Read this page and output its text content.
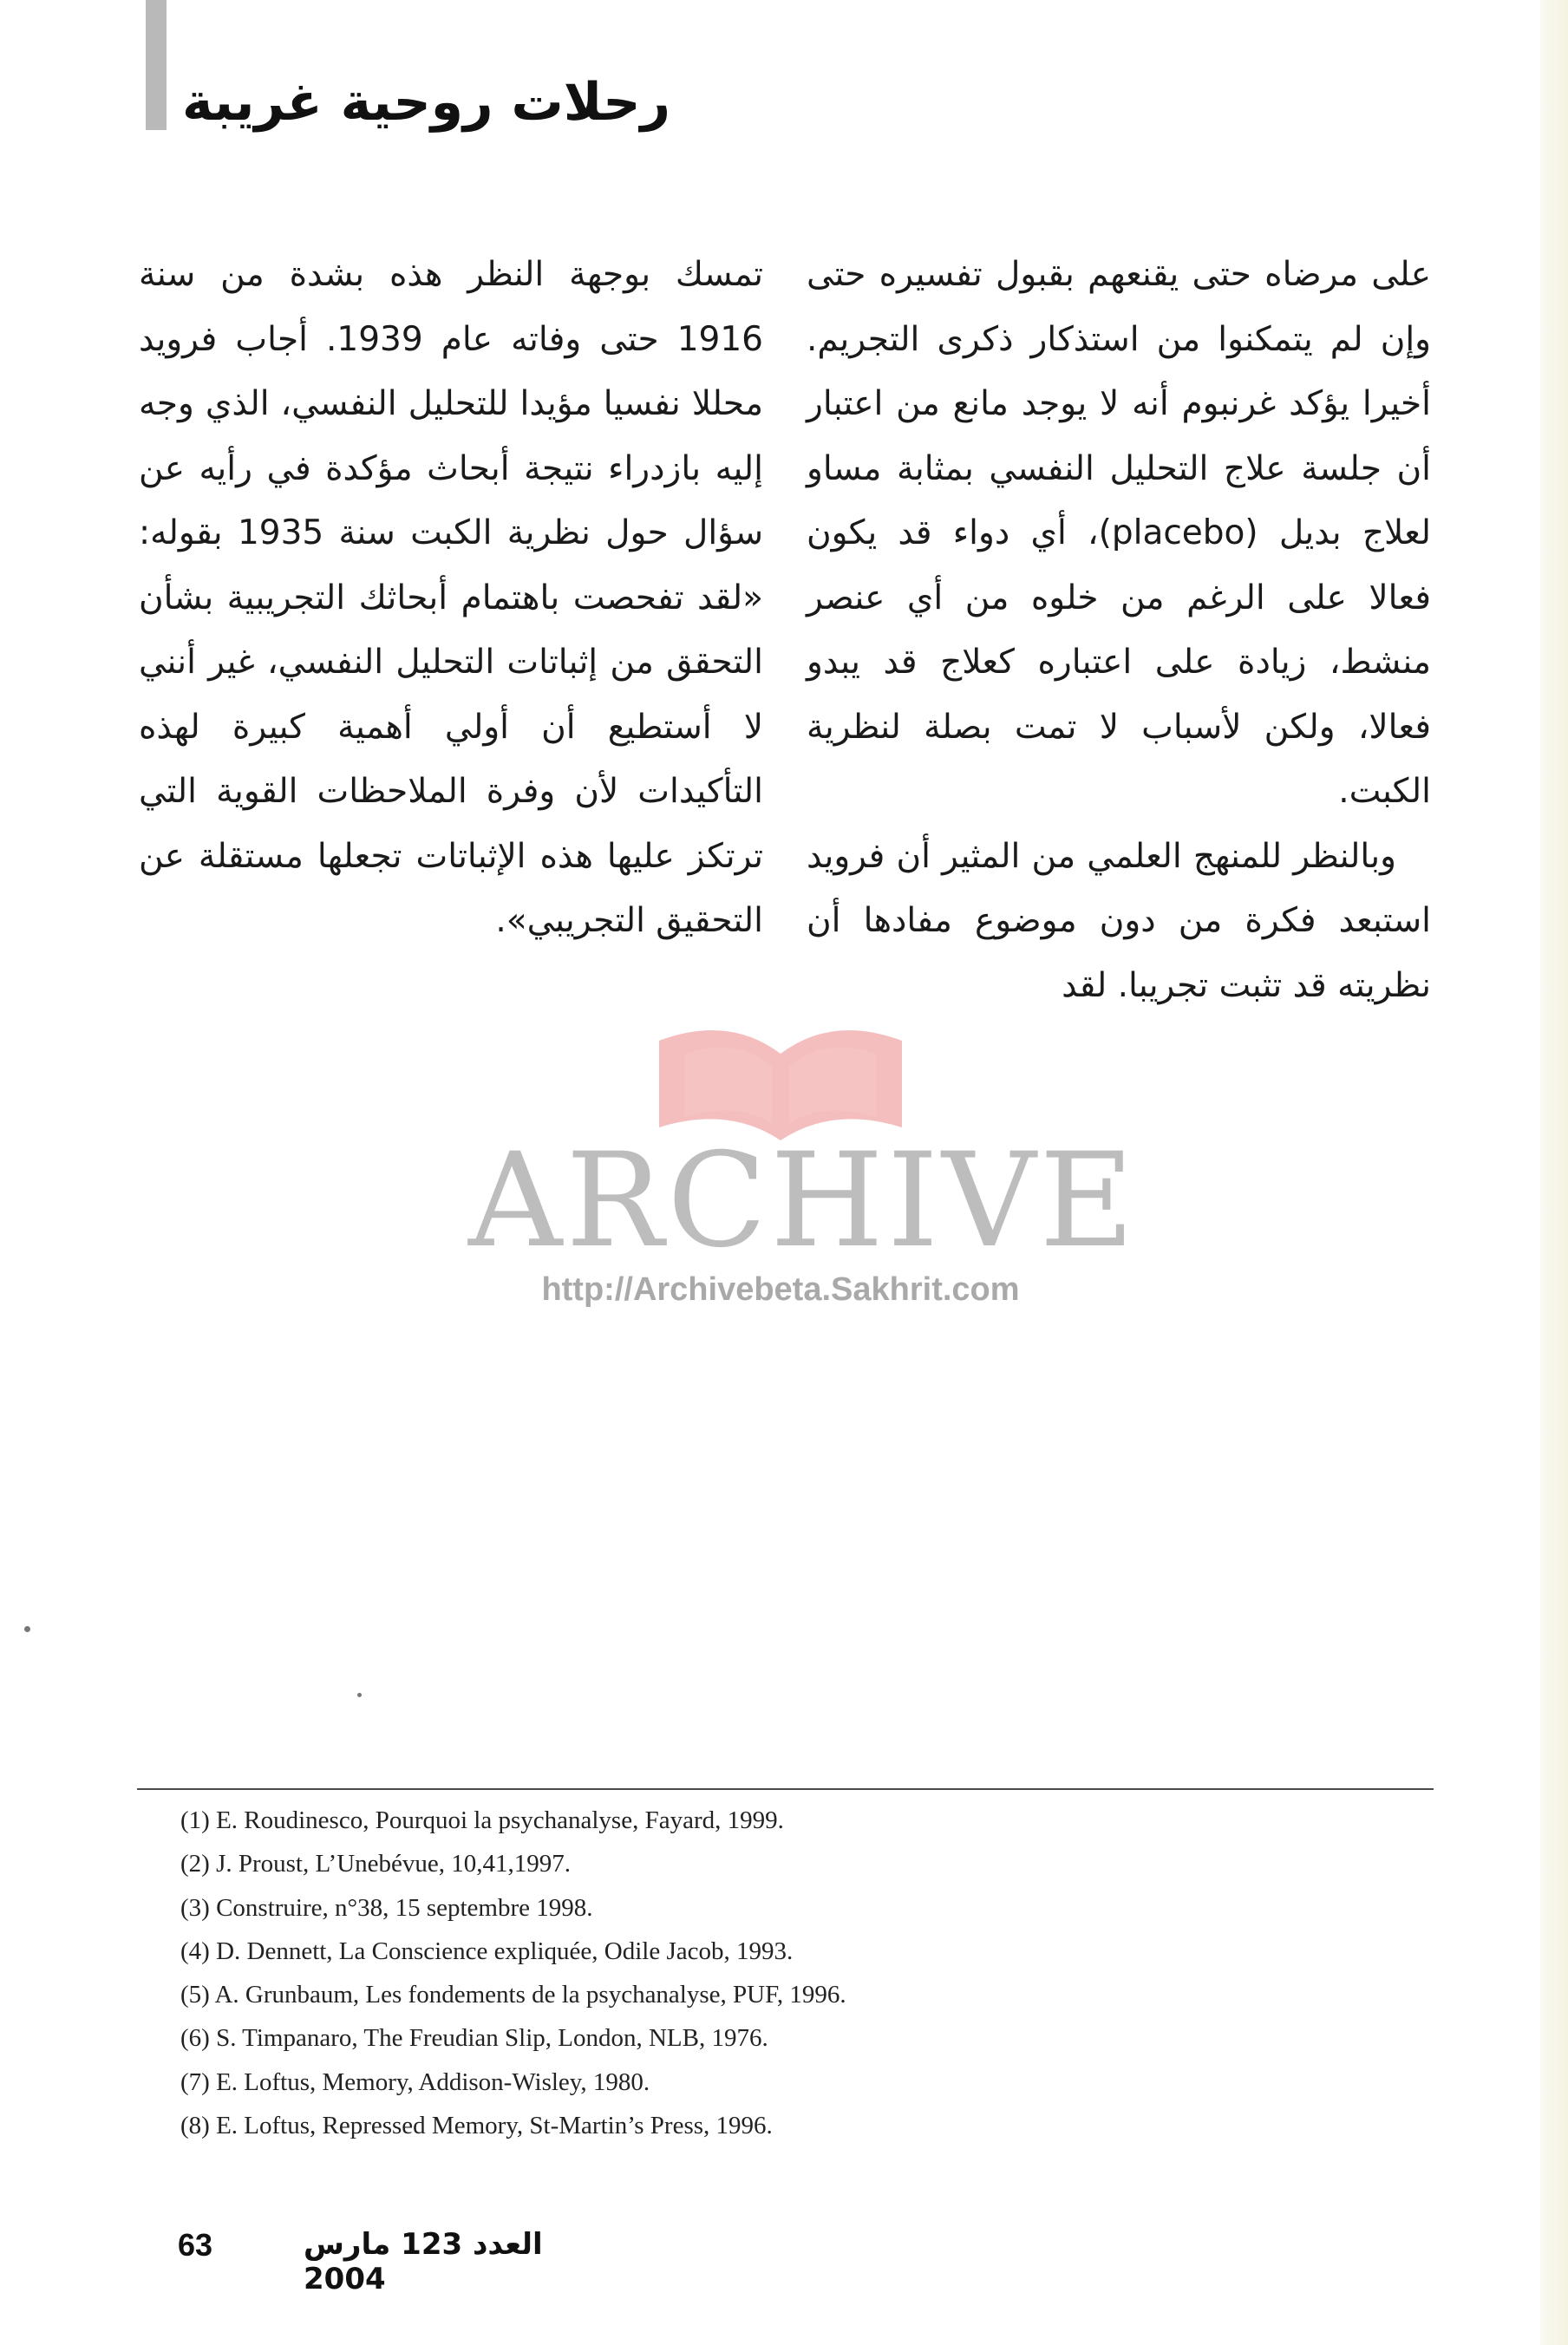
رحلات روحية غريبة

على مرضاه حتى يقنعهم بقبول تفسيره حتى وإن لم يتمكنوا من استذكار ذكرى التجريم. أخيرا يؤكد غرنبوم أنه لا يوجد مانع من اعتبار أن جلسة علاج التحليل النفسي بمثابة مساو لعلاج بديل (placebo)، أي دواء قد يكون فعالا على الرغم من خلوه من أي عنصر منشط، زيادة على اعتباره كعلاج قد يبدو فعالا، ولكن لأسباب لا تمت بصلة لنظرية الكبت.

وبالنظر للمنهج العلمي من المثير أن فرويد استبعد فكرة من دون موضوع مفادها أن نظريته قد تثبت تجريبا. لقد

تمسك بوجهة النظر هذه بشدة من سنة 1916 حتى وفاته عام 1939. أجاب فرويد محللا نفسيا مؤيدا للتحليل النفسي، الذي وجه إليه بازدراء نتيجة أبحاث مؤكدة في رأيه عن سؤال حول نظرية الكبت سنة 1935 بقوله: «لقد تفحصت باهتمام أبحاثك التجريبية بشأن التحقق من إثباتات التحليل النفسي، غير أنني لا أستطيع أن أولي أهمية كبيرة لهذه التأكيدات لأن وفرة الملاحظات القوية التي ترتكز عليها هذه الإثباتات تجعلها مستقلة عن التحقيق التجريبي».

ARCHIVE
http://Archivebeta.Sakhrit.com
(1) E. Roudinesco, Pourquoi la psychanalyse, Fayard, 1999.
(2) J. Proust, L’Unebévue, 10,41,1997.
(3) Construire, n°38, 15 septembre 1998.
(4) D. Dennett, La Conscience expliquée, Odile Jacob, 1993.
(5) A. Grunbaum, Les fondements de la psychanalyse, PUF, 1996.
(6) S. Timpanaro, The Freudian Slip, London, NLB, 1976.
(7) E. Loftus, Memory, Addison-Wisley, 1980.
(8) E. Loftus, Repressed Memory, St-Martin’s Press, 1996.
63	العدد 123 مارس 2004
